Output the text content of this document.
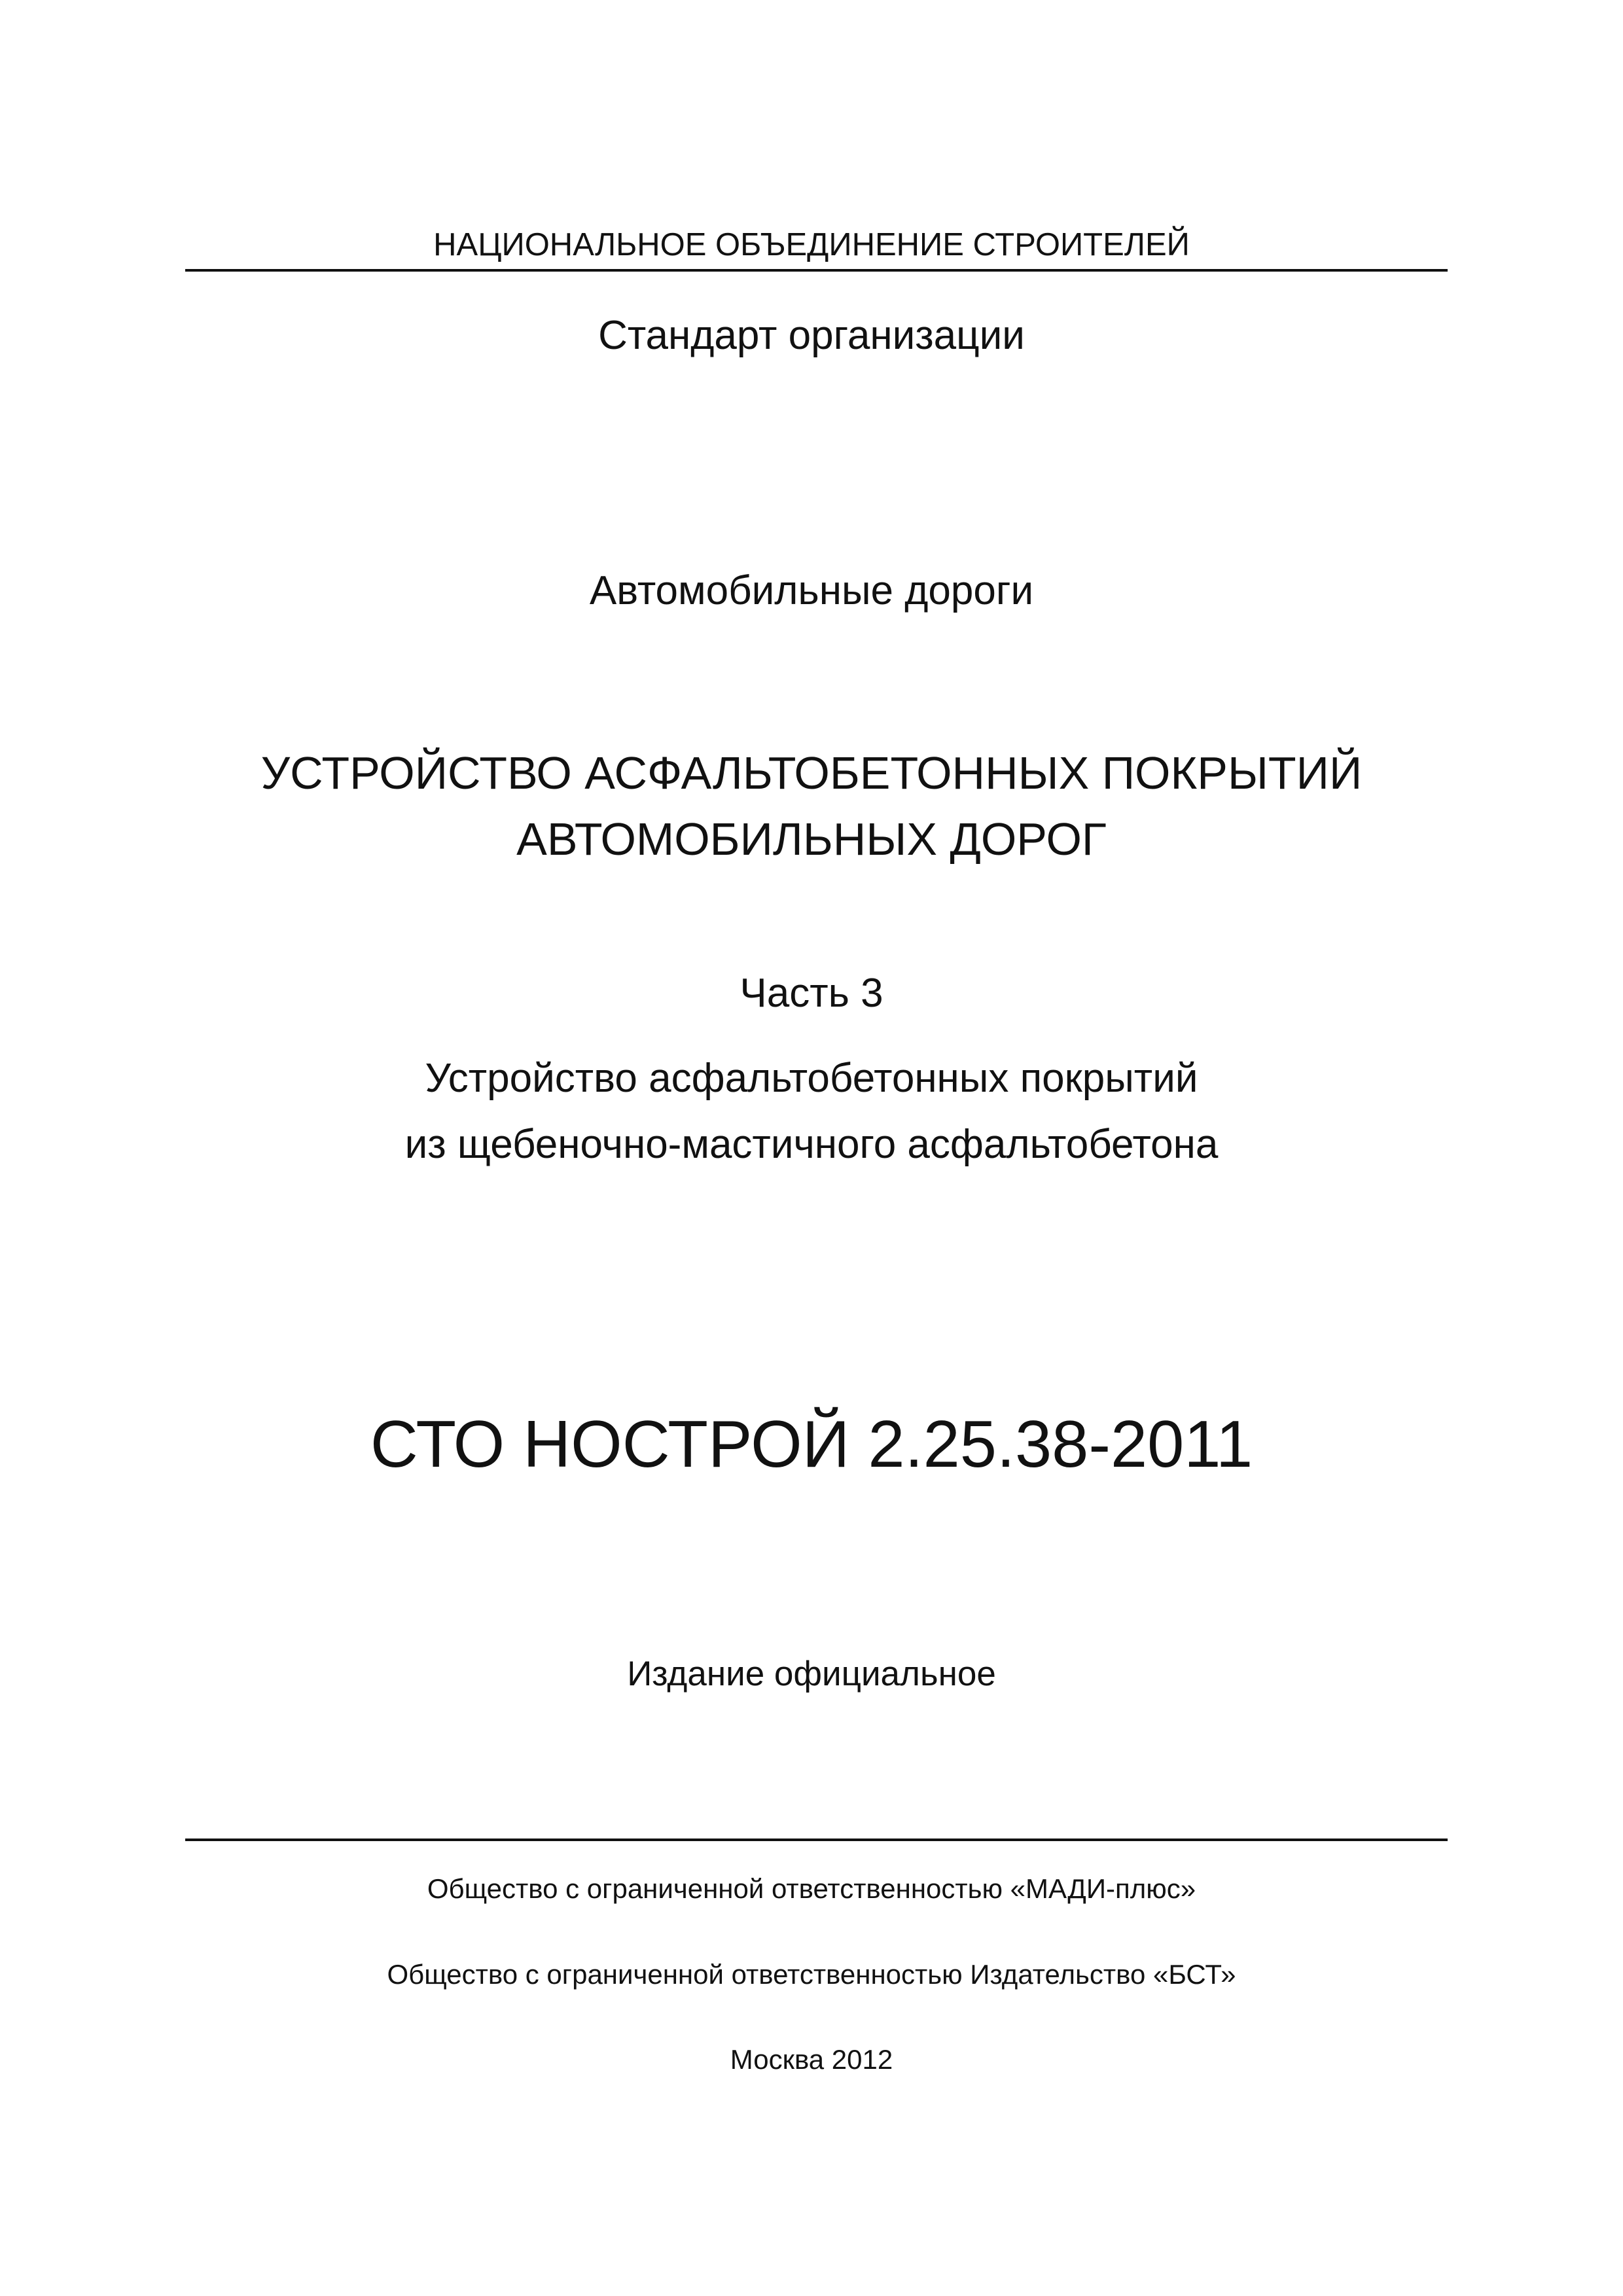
НАЦИОНАЛЬНОЕ ОБЪЕДИНЕНИЕ СТРОИТЕЛЕЙ
Стандарт организации
Автомобильные дороги
УСТРОЙСТВО АСФАЛЬТОБЕТОННЫХ ПОКРЫТИЙ
АВТОМОБИЛЬНЫХ ДОРОГ
Часть 3
Устройство асфальтобетонных покрытий
из щебеночно-мастичного асфальтобетона
СТО НОСТРОЙ 2.25.38-2011
Издание официальное
Общество с ограниченной ответственностью «МАДИ-плюс»
Общество с ограниченной ответственностью Издательство «БСТ»
Москва 2012
